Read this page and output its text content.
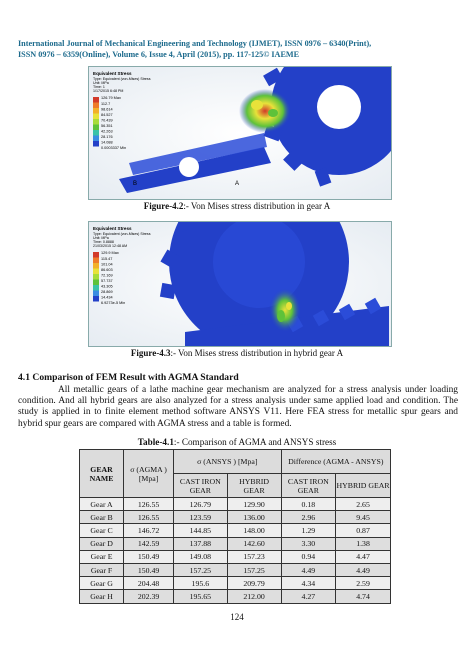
International Journal of Mechanical Engineering and Technology (IJMET), ISSN 0976 – 6340(Print),
ISSN 0976 – 6359(Online), Volume 6, Issue 4, April (2015), pp. 117-125© IAEME
Equivalent Stress
Type: Equivalent (von-Mises) Stress
Unit: MPa
Time: 1
1/17/2015 6:48 PM
126.79 Max
112.7
98.614
84.527
70.439
56.351
42.263
28.176
14.088
0.0003337 Min
B	A
Figure-4.2:- Von Mises stress distribution in gear A
Equivalent Stress
Type: Equivalent (von-Mises) Stress
Unit: MPa
Time: 0.8888
21/03/2015 12:48 AM
129.9 Max
115.47
101.04
86.603
72.169
57.737
43.305
28.869
14.434
6.9273e-5 Min
Figure-4.3:- Von Mises stress distribution in hybrid gear A
4.1 Comparison of FEM Result with AGMA Standard
All metallic gears of a lathe machine gear mechanism are analyzed for a stress analysis under loading condition. And all hybrid gears are also analyzed for a stress analysis under same applied load and condition. The study is applied in to finite element method software ANSYS V11. Here FEA stress for metallic spur gears and hybrid spur gears are compared with AGMA stress and a table is formed.
Table-4.1:- Comparison of AGMA and ANSYS stress
GEAR NAME	σ (AGMA ) [Mpa]	σ (ANSYS ) [Mpa]		Difference (AGMA - ANSYS)	
		CAST IRON GEAR	HYBRID GEAR	CAST IRON GEAR	HYBRID GEAR
Gear A	126.55	126.79	129.90	0.18	2.65
Gear B	126.55	123.59	136.00	2.96	9.45
Gear C	146.72	144.85	148.00	1.29	0.87
Gear D	142.59	137.88	142.60	3.30	1.38
Gear E	150.49	149.08	157.23	0.94	4.47
Gear F	150.49	157.25	157.25	4.49	4.49
Gear G	204.48	195.6	209.79	4.34	2.59
Gear H	202.39	195.65	212.00	4.27	4.74
124
